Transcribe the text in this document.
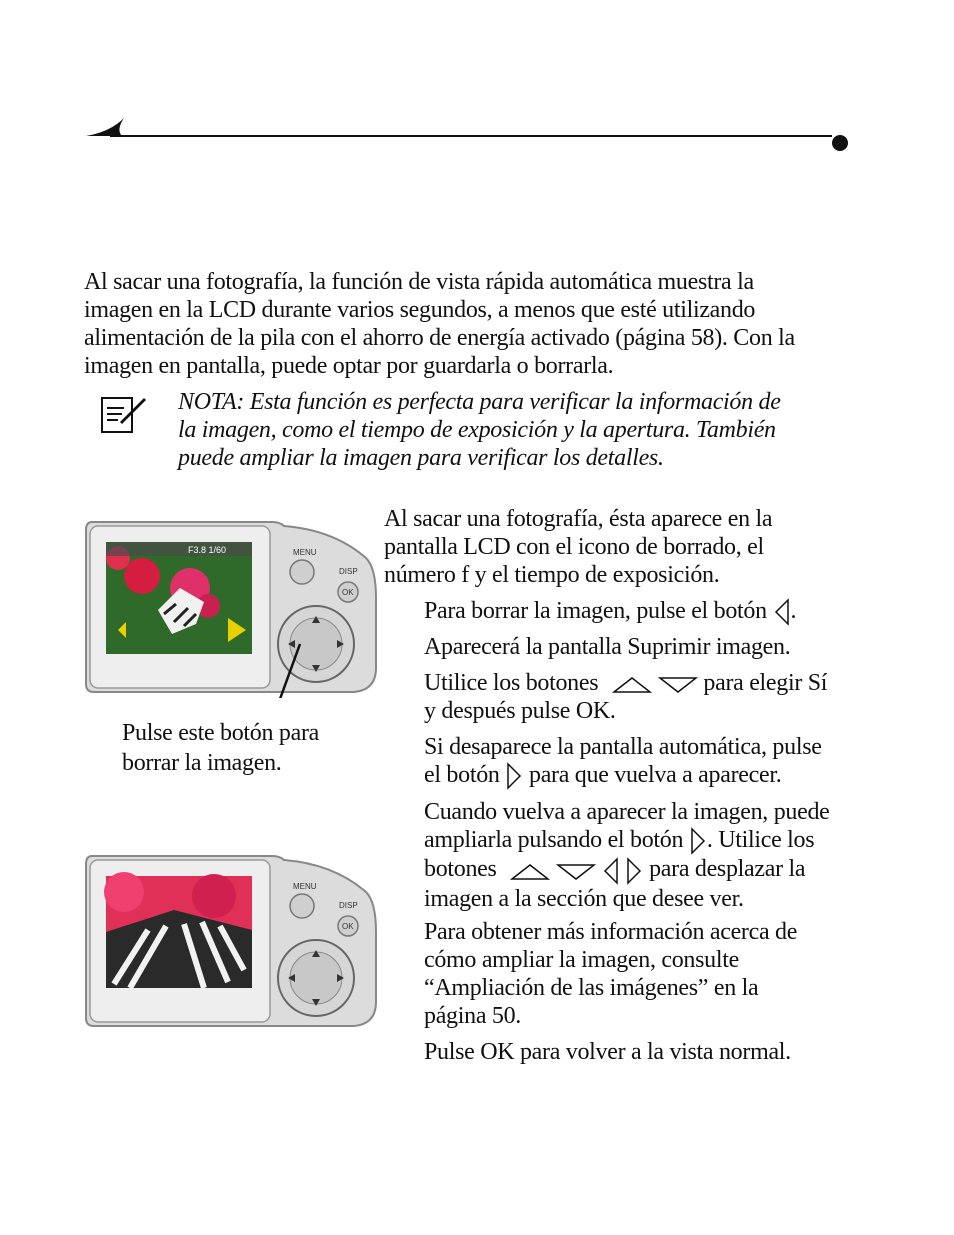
Al sacar una fotografía, la función de vista rápida automática muestra la
imagen en la LCD durante varios segundos, a menos que esté utilizando
alimentación de la pila con el ahorro de energía activado (página 58). Con la
imagen en pantalla, puede optar por guardarla o borrarla.
NOTA: Esta función es perfecta para verificar la información de
la imagen, como el tiempo de exposición y la apertura. También
puede ampliar la imagen para verificar los detalles.
F3.8 1/60	MENU
DISP
OK
Pulse este botón para
borrar la imagen.
MENU
DISP
OK
Al sacar una fotografía, ésta aparece en la
pantalla LCD con el icono de borrado, el
número f y el tiempo de exposición.
Para borrar la imagen, pulse el botón .
Aparecerá la pantalla Suprimir imagen.
Utilice los botones	para elegir Sí
y después pulse OK.
Si desaparece la pantalla automática, pulse
el botón para que vuelva a aparecer.
Cuando vuelva a aparecer la imagen, puede
ampliarla pulsando el botón . Utilice los
botones	para desplazar la
imagen a la sección que desee ver.
Para obtener más información acerca de
cómo ampliar la imagen, consulte
“Ampliación de las imágenes” en la
página 50.
Pulse OK para volver a la vista normal.
